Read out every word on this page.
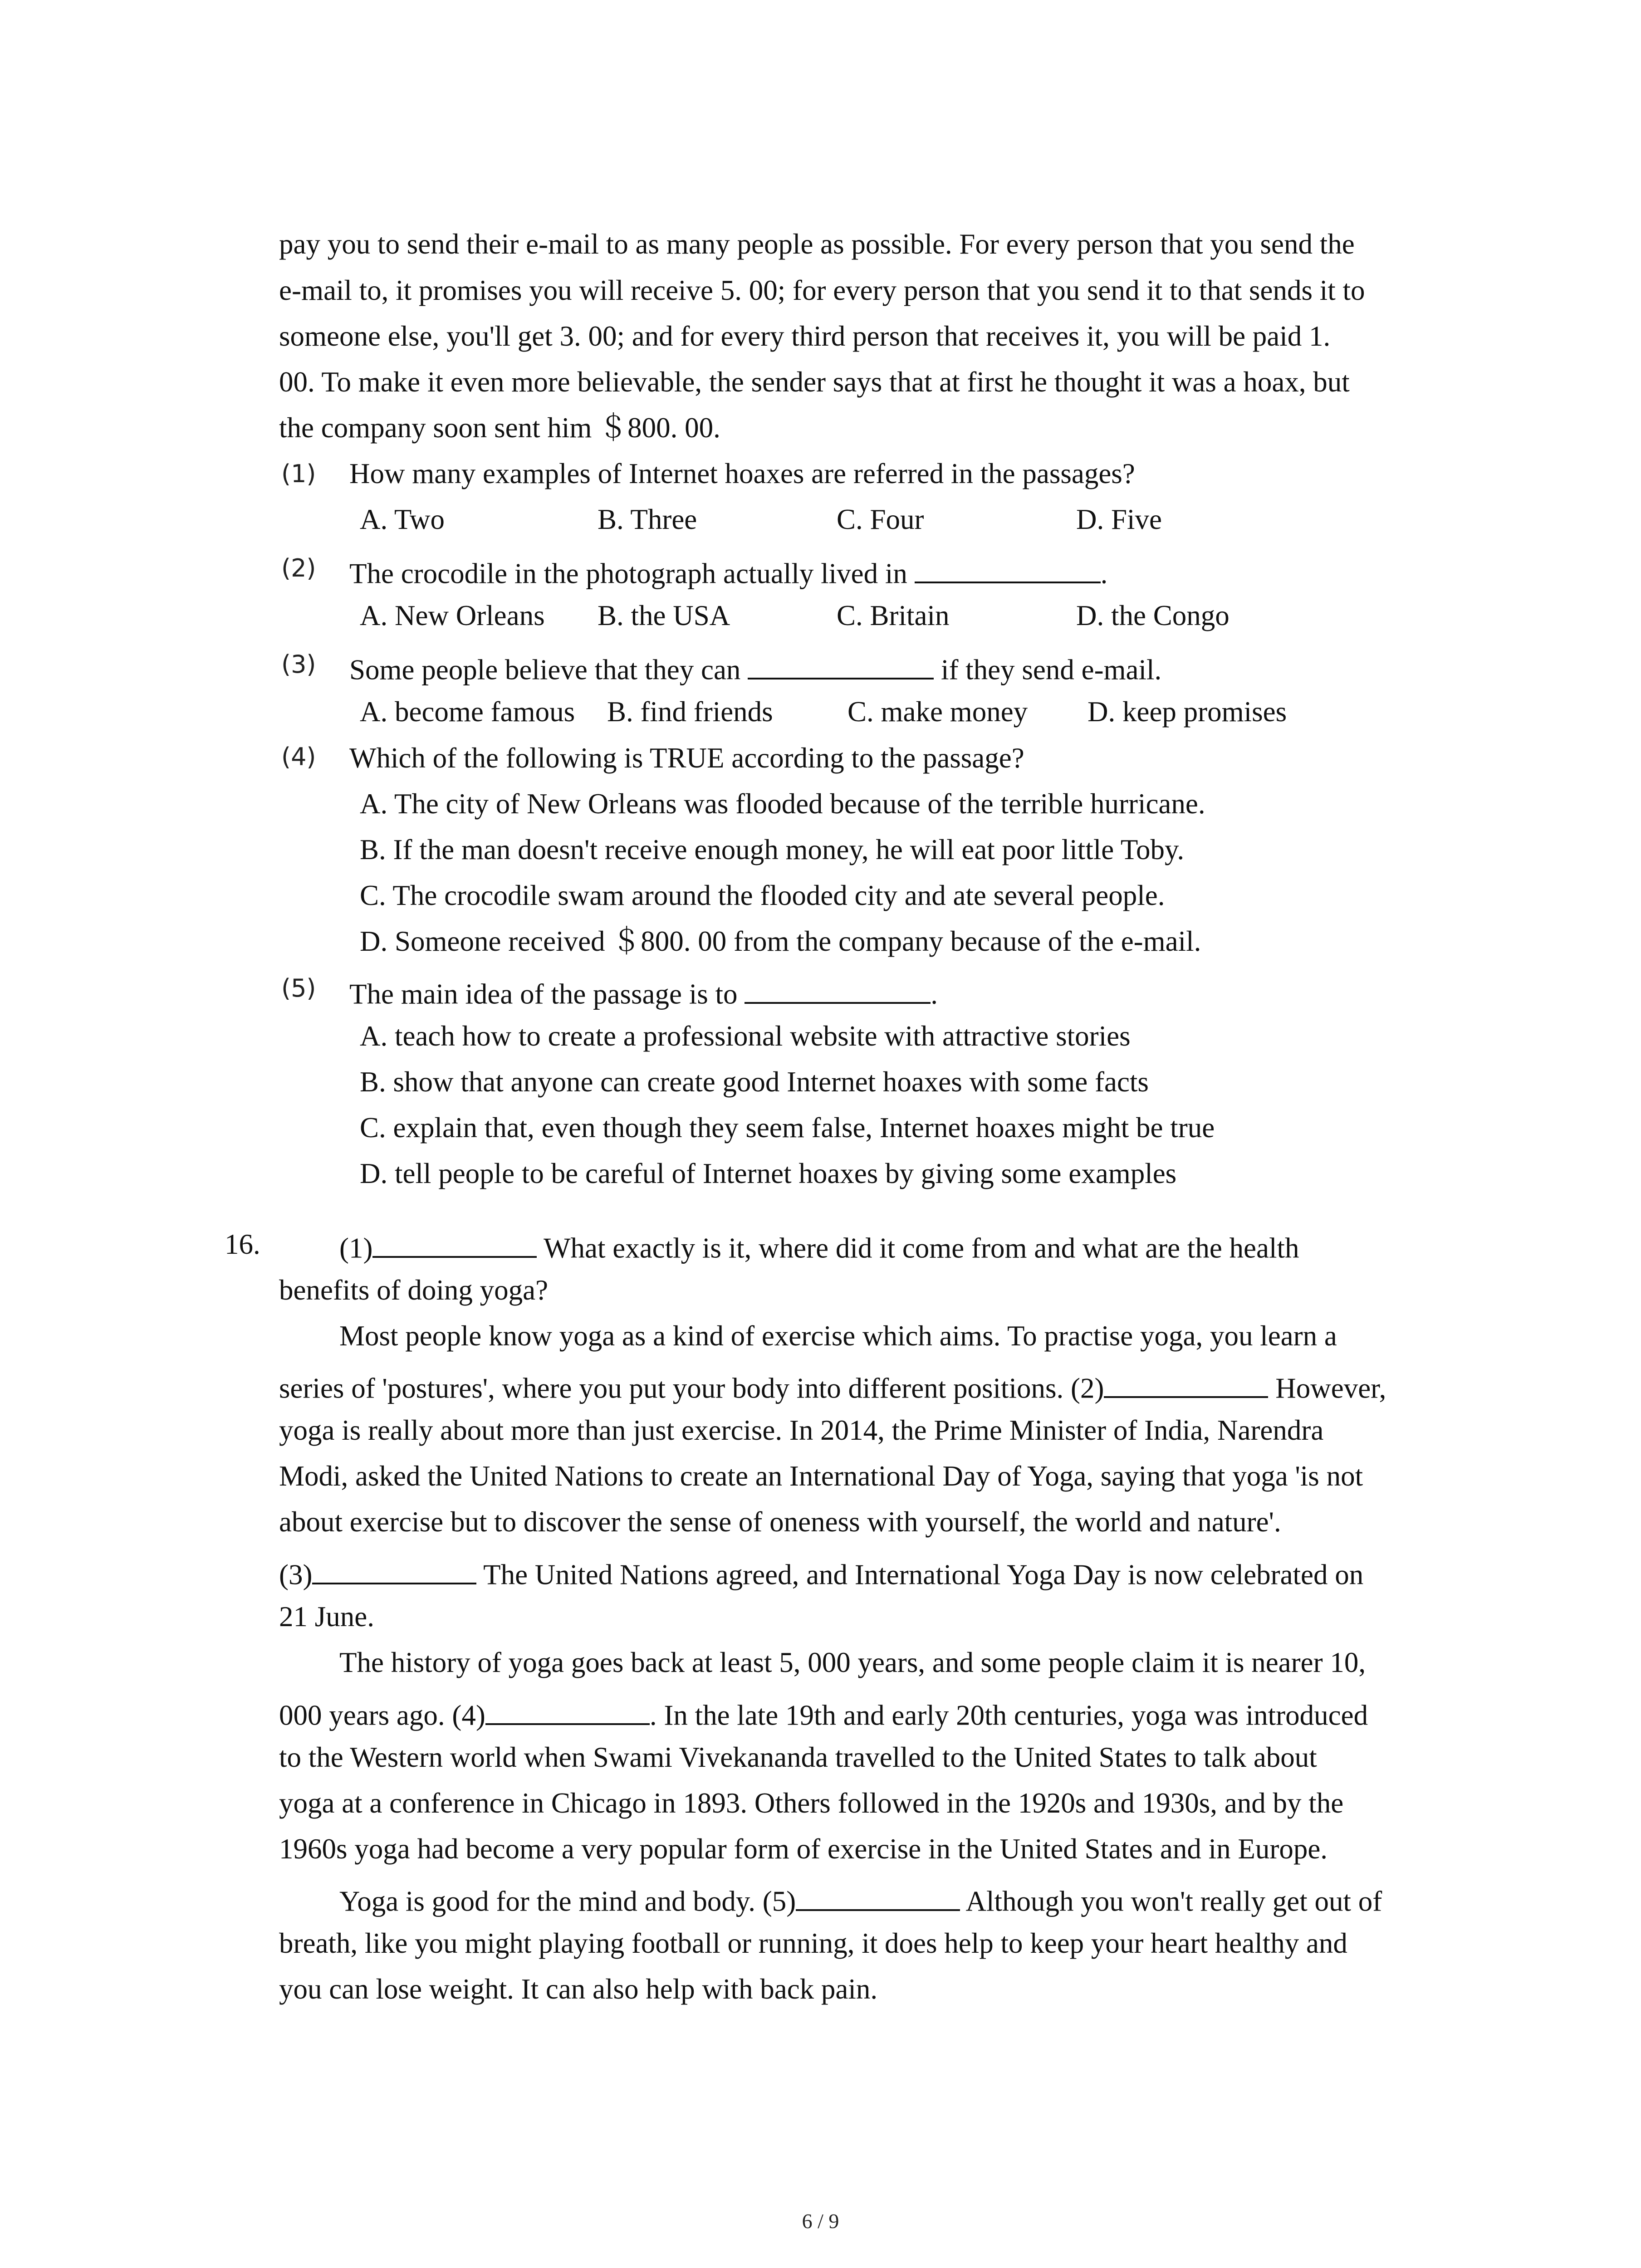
pay you to send their e-mail to as many people as possible. For every person that you send the
e-mail to, it promises you will receive 5. 00; for every person that you send it to that sends it to
someone else, you'll get 3. 00; and for every third person that receives it, you will be paid 1.
00. To make it even more believable, the sender says that at first he thought it was a hoax, but
the company soon sent him ＄800. 00.
(1) How many examples of Internet hoaxes are referred in the passages?
A. Two	B. Three	C. Four	D. Five
(2) The crocodile in the photograph actually lived in	.
A. New Orleans B. the USA	C. Britain	D. the Congo
(3) Some people believe that they can	if they send e-mail.
A. become famous B. find friends	C. make money D. keep promises
(4) Which of the following is TRUE according to the passage?
A. The city of New Orleans was flooded because of the terrible hurricane.
B. If the man doesn't receive enough money, he will eat poor little Toby.
C. The crocodile swam around the flooded city and ate several people.
D. Someone received ＄800. 00 from the company because of the e-mail.
(5) The main idea of the passage is to	.
A. teach how to create a professional website with attractive stories
B. show that anyone can create good Internet hoaxes with some facts
C. explain that, even though they seem false, Internet hoaxes might be true
D. tell people to be careful of Internet hoaxes by giving some examples
16.	(1)	What exactly is it, where did it come from and what are the health
benefits of doing yoga?
Most people know yoga as a kind of exercise which aims. To practise yoga, you learn a
series of 'postures', where you put your body into different positions. (2)	However,
yoga is really about more than just exercise. In 2014, the Prime Minister of India, Narendra
Modi, asked the United Nations to create an International Day of Yoga, saying that yoga 'is not
about exercise but to discover the sense of oneness with yourself, the world and nature'.
(3)	The United Nations agreed, and International Yoga Day is now celebrated on
21 June.
The history of yoga goes back at least 5, 000 years, and some people claim it is nearer 10,
000 years ago. (4)	. In the late 19th and early 20th centuries, yoga was introduced
to the Western world when Swami Vivekananda travelled to the United States to talk about
yoga at a conference in Chicago in 1893. Others followed in the 1920s and 1930s, and by the
1960s yoga had become a very popular form of exercise in the United States and in Europe.
Yoga is good for the mind and body. (5)	Although you won't really get out of
breath, like you might playing football or running, it does help to keep your heart healthy and
you can lose weight. It can also help with back pain.
6 / 9
